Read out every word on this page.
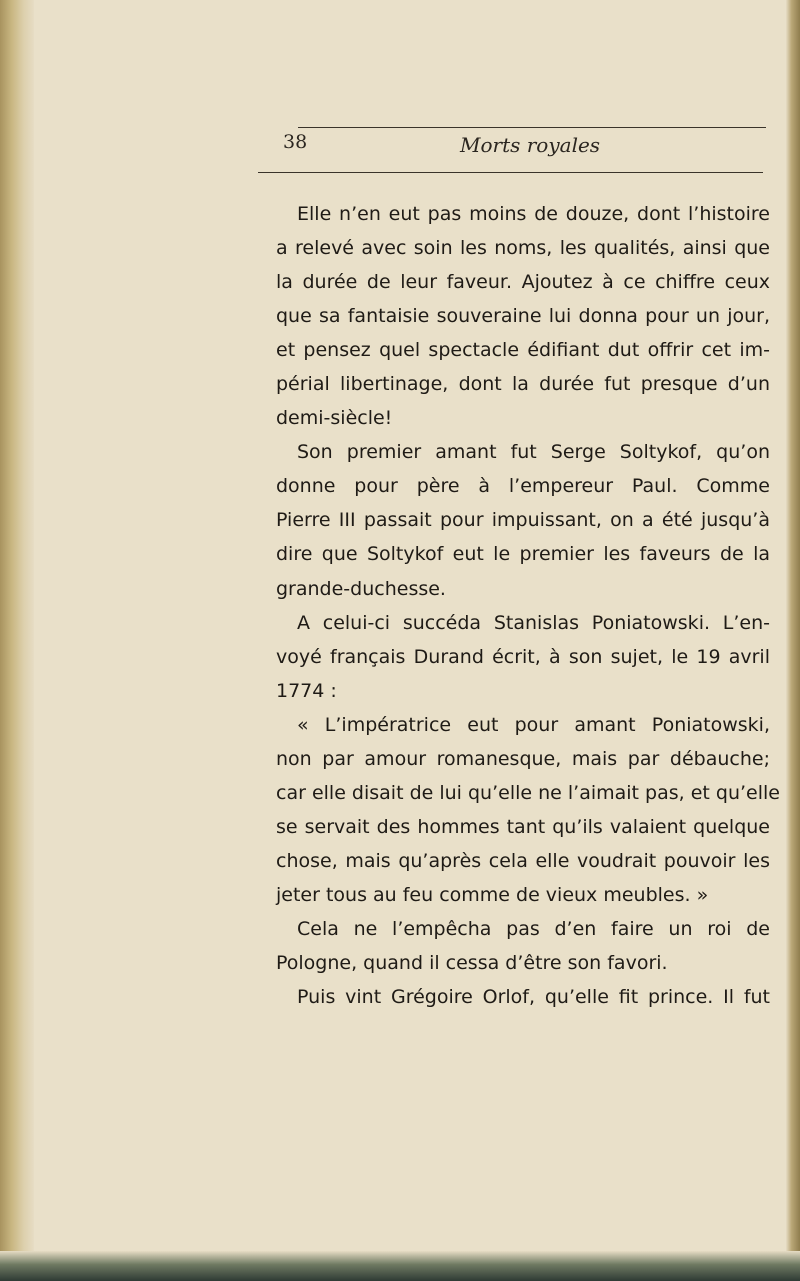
38	Morts royales
Elle n’en eut pas moins de douze, dont l’histoire
a relevé avec soin les noms, les qualités, ainsi que
la durée de leur faveur. Ajoutez à ce chiffre ceux
que sa fantaisie souveraine lui donna pour un jour,
et pensez quel spectacle édifiant dut offrir cet im-
périal libertinage, dont la durée fut presque d’un
demi-siècle!
Son premier amant fut Serge Soltykof, qu’on
donne pour père à l’empereur Paul. Comme
Pierre III passait pour impuissant, on a été jusqu’à
dire que Soltykof eut le premier les faveurs de la
grande-duchesse.
A celui-ci succéda Stanislas Poniatowski. L’en-
voyé français Durand écrit, à son sujet, le 19 avril
1774 :
« L’impératrice eut pour amant Poniatowski,
non par amour romanesque, mais par débauche;
car elle disait de lui qu’elle ne l’aimait pas, et qu’elle
se servait des hommes tant qu’ils valaient quelque
chose, mais qu’après cela elle voudrait pouvoir les
jeter tous au feu comme de vieux meubles. »
Cela ne l’empêcha pas d’en faire un roi de
Pologne, quand il cessa d’être son favori.
Puis vint Grégoire Orlof, qu’elle fit prince. Il fut
